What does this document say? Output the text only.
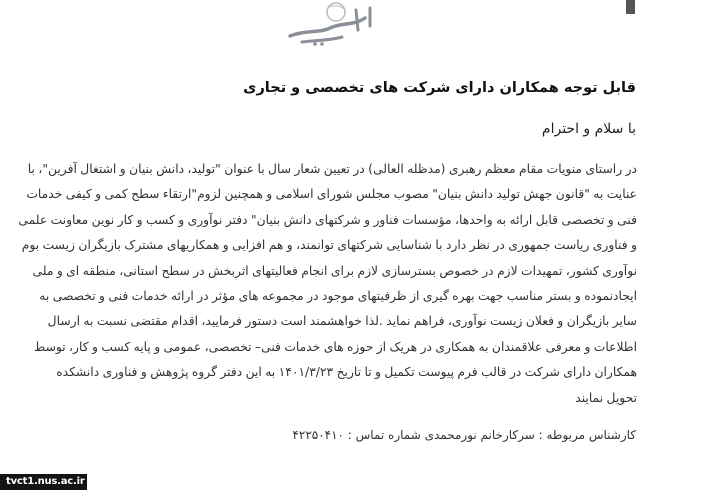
قابل توجه همکاران دارای شرکت های تخصصی و تجاری
با سلام و احترام
در راستای منویات مقام معظم رهبری (مدظله العالی) در تعیین شعار سال با عنوان "تولید، دانش بنیان و اشتغال آفرین"، با
عنایت به "قانون جهش تولید دانش بنیان" مصوب مجلس شورای اسلامی و همچنین لزوم"ارتقاء سطح کمی و کیفی خدمات
فنی و تخصصی قابل ارائه به واحدها، مؤسسات فناور و شرکتهای دانش بنیان" دفتر نوآوری و کسب و کار نوین معاونت علمی
و فناوری ریاست جمهوری در نظر دارد با شناسایی شرکتهای توانمند، و هم افزایی و همکاریهای مشترک بازیگران زیست بوم
نوآوری کشور، تمهیدات لازم در خصوص بسترسازی لازم برای انجام فعالیتهای اثربخش در سطح استانی، منطقه ای و ملی
ایجادنموده و بستر مناسب جهت بهره گیری از ظرفیتهای موجود در مجموعه های مؤثر در ارائه خدمات فنی و تخصصی به
سایر بازیگران و فعلان زیست نوآوری، فراهم نماید .لذا خواهشمند است دستور فرمایید، اقدام مقتضی نسبت به ارسال
اطلاعات و معرفی علاقمندان به همکاری در هریک از حوزه های خدمات فنی– تخصصی، عمومی و پایه کسب و کار، توسط
همکاران دارای شرکت در قالب فرم پیوست تکمیل و تا تاریخ ۱۴۰۱/۳/۲۳ به این دفتر گروه پژوهش و فناوری دانشکده
تحویل نمایند
کارشناس مربوطه : سرکارخانم نورمحمدی شماره تماس : ۴۲۲۵۰۴۱۰
tvct1.nus.ac.ir
